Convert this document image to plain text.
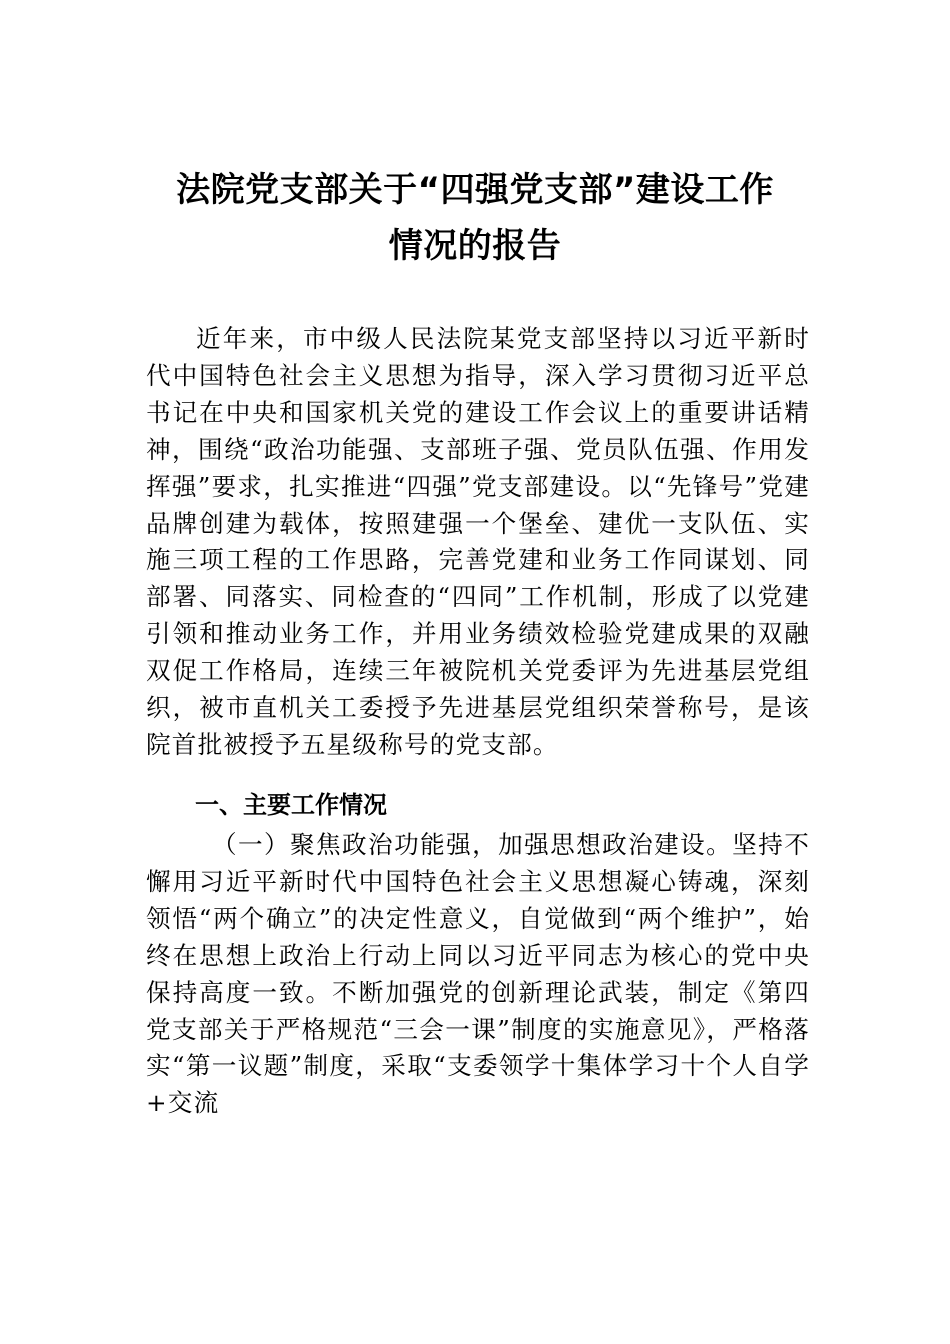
法院党支部关于“四强党支部”建设工作
情况的报告
近年来，市中级人民法院某党支部坚持以习近平新时代中国特色社会主义思想为指导，深入学习贯彻习近平总书记在中央和国家机关党的建设工作会议上的重要讲话精神，围绕“政治功能强、支部班子强、党员队伍强、作用发挥强”要求，扎实推进“四强”党支部建设。以“先锋号”党建品牌创建为载体，按照建强一个堡垒、建优一支队伍、实施三项工程的工作思路，完善党建和业务工作同谋划、同部署、同落实、同检查的“四同”工作机制，形成了以党建引领和推动业务工作，并用业务绩效检验党建成果的双融双促工作格局，连续三年被院机关党委评为先进基层党组织，被市直机关工委授予先进基层党组织荣誉称号，是该院首批被授予五星级称号的党支部。
一、主要工作情况
（一）聚焦政治功能强，加强思想政治建设。坚持不懈用习近平新时代中国特色社会主义思想凝心铸魂，深刻领悟“两个确立”的决定性意义，自觉做到“两个维护”，始终在思想上政治上行动上同以习近平同志为核心的党中央保持高度一致。不断加强党的创新理论武装，制定《第四党支部关于严格规范“三会一课”制度的实施意见》，严格落实“第一议题”制度，采取“支委领学十集体学习十个人自学+交流
